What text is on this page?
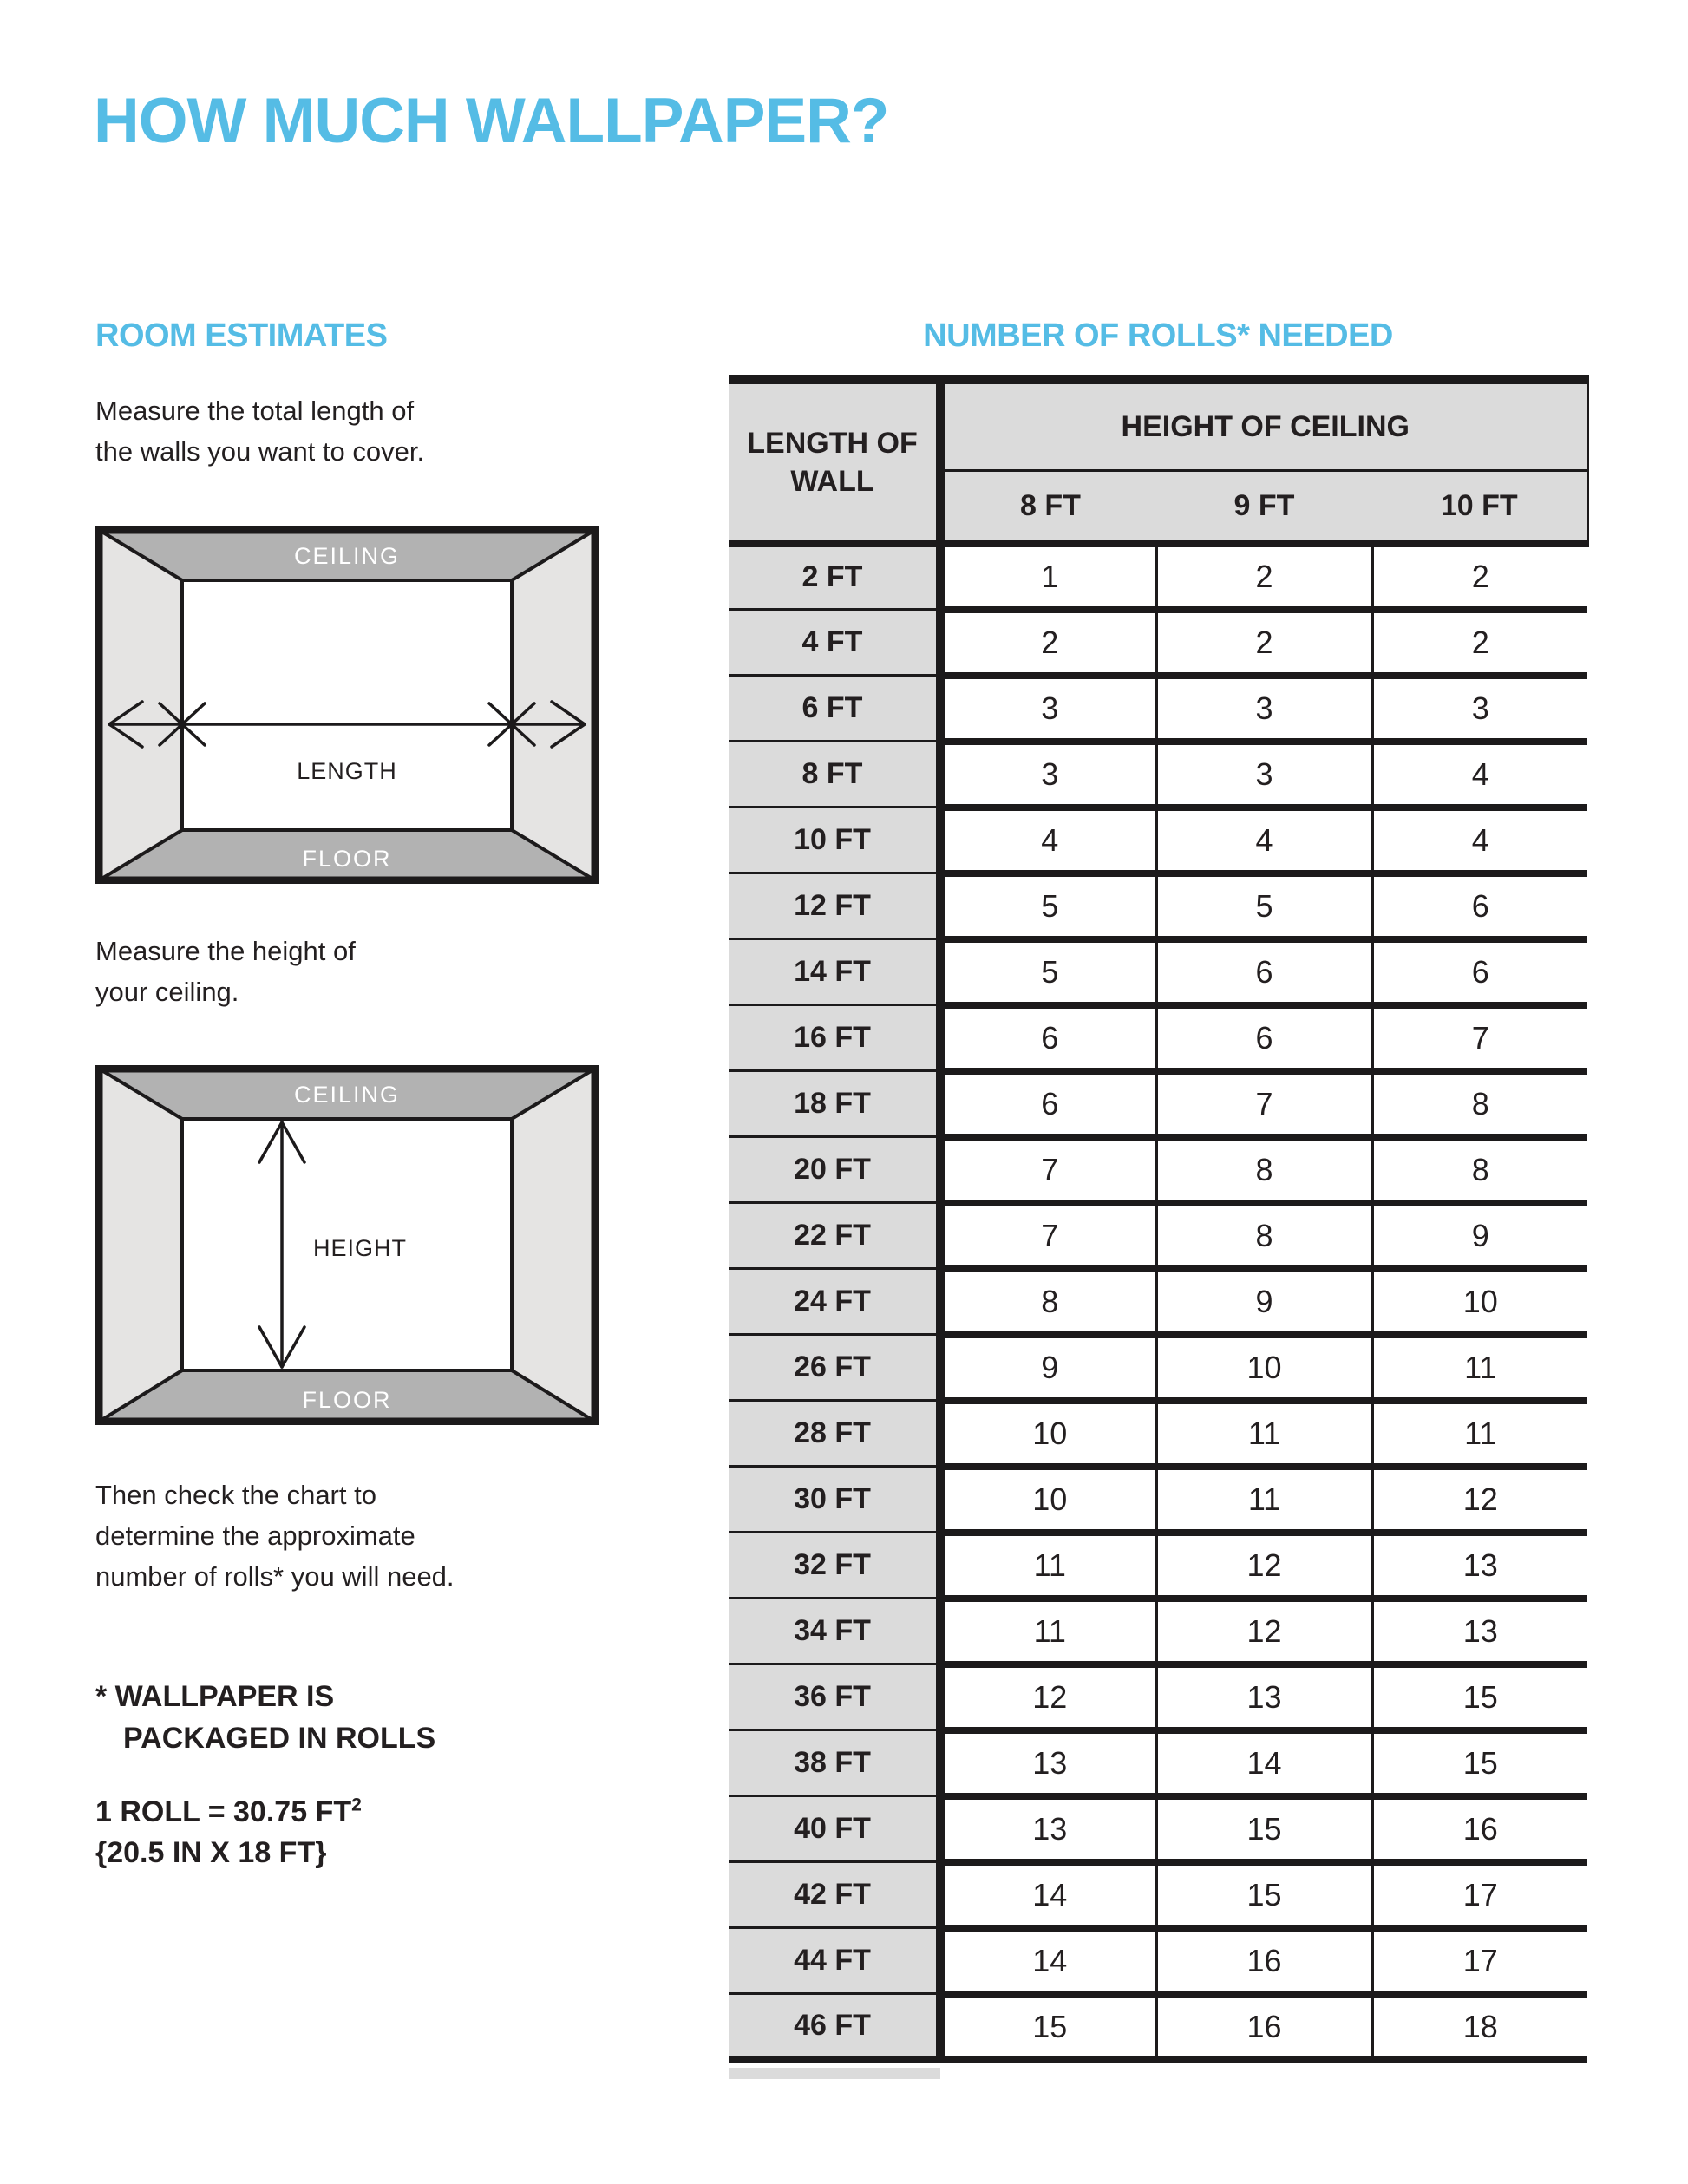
HOW MUCH WALLPAPER?
ROOM ESTIMATES	NUMBER OF ROLLS* NEEDED
Measure the total length of
the walls you want to cover.
CEILING
FLOOR
LENGTH
Measure the height of
your ceiling.
CEILING
FLOOR
HEIGHT
Then check the chart to
determine the approximate
number of rolls* you will need.
* WALLPAPER IS
PACKAGED IN ROLLS
1 ROLL = 30.75 $FT^2$
{20.5 IN X 18 FT}
LENGTH OF WALL	HEIGHT OF CEILING		
	8 FT	9 FT	10 FT
2 FT	1	2	2
4 FT	2	2	2
6 FT	3	3	3
8 FT	3	3	4
10 FT	4	4	4
12 FT	5	5	6
14 FT	5	6	6
16 FT	6	6	7
18 FT	6	7	8
20 FT	7	8	8
22 FT	7	8	9
24 FT	8	9	10
26 FT	9	10	11
28 FT	10	11	11
30 FT	10	11	12
32 FT	11	12	13
34 FT	11	12	13
36 FT	12	13	15
38 FT	13	14	15
40 FT	13	15	16
42 FT	14	15	17
44 FT	14	16	17
46 FT	15	16	18
